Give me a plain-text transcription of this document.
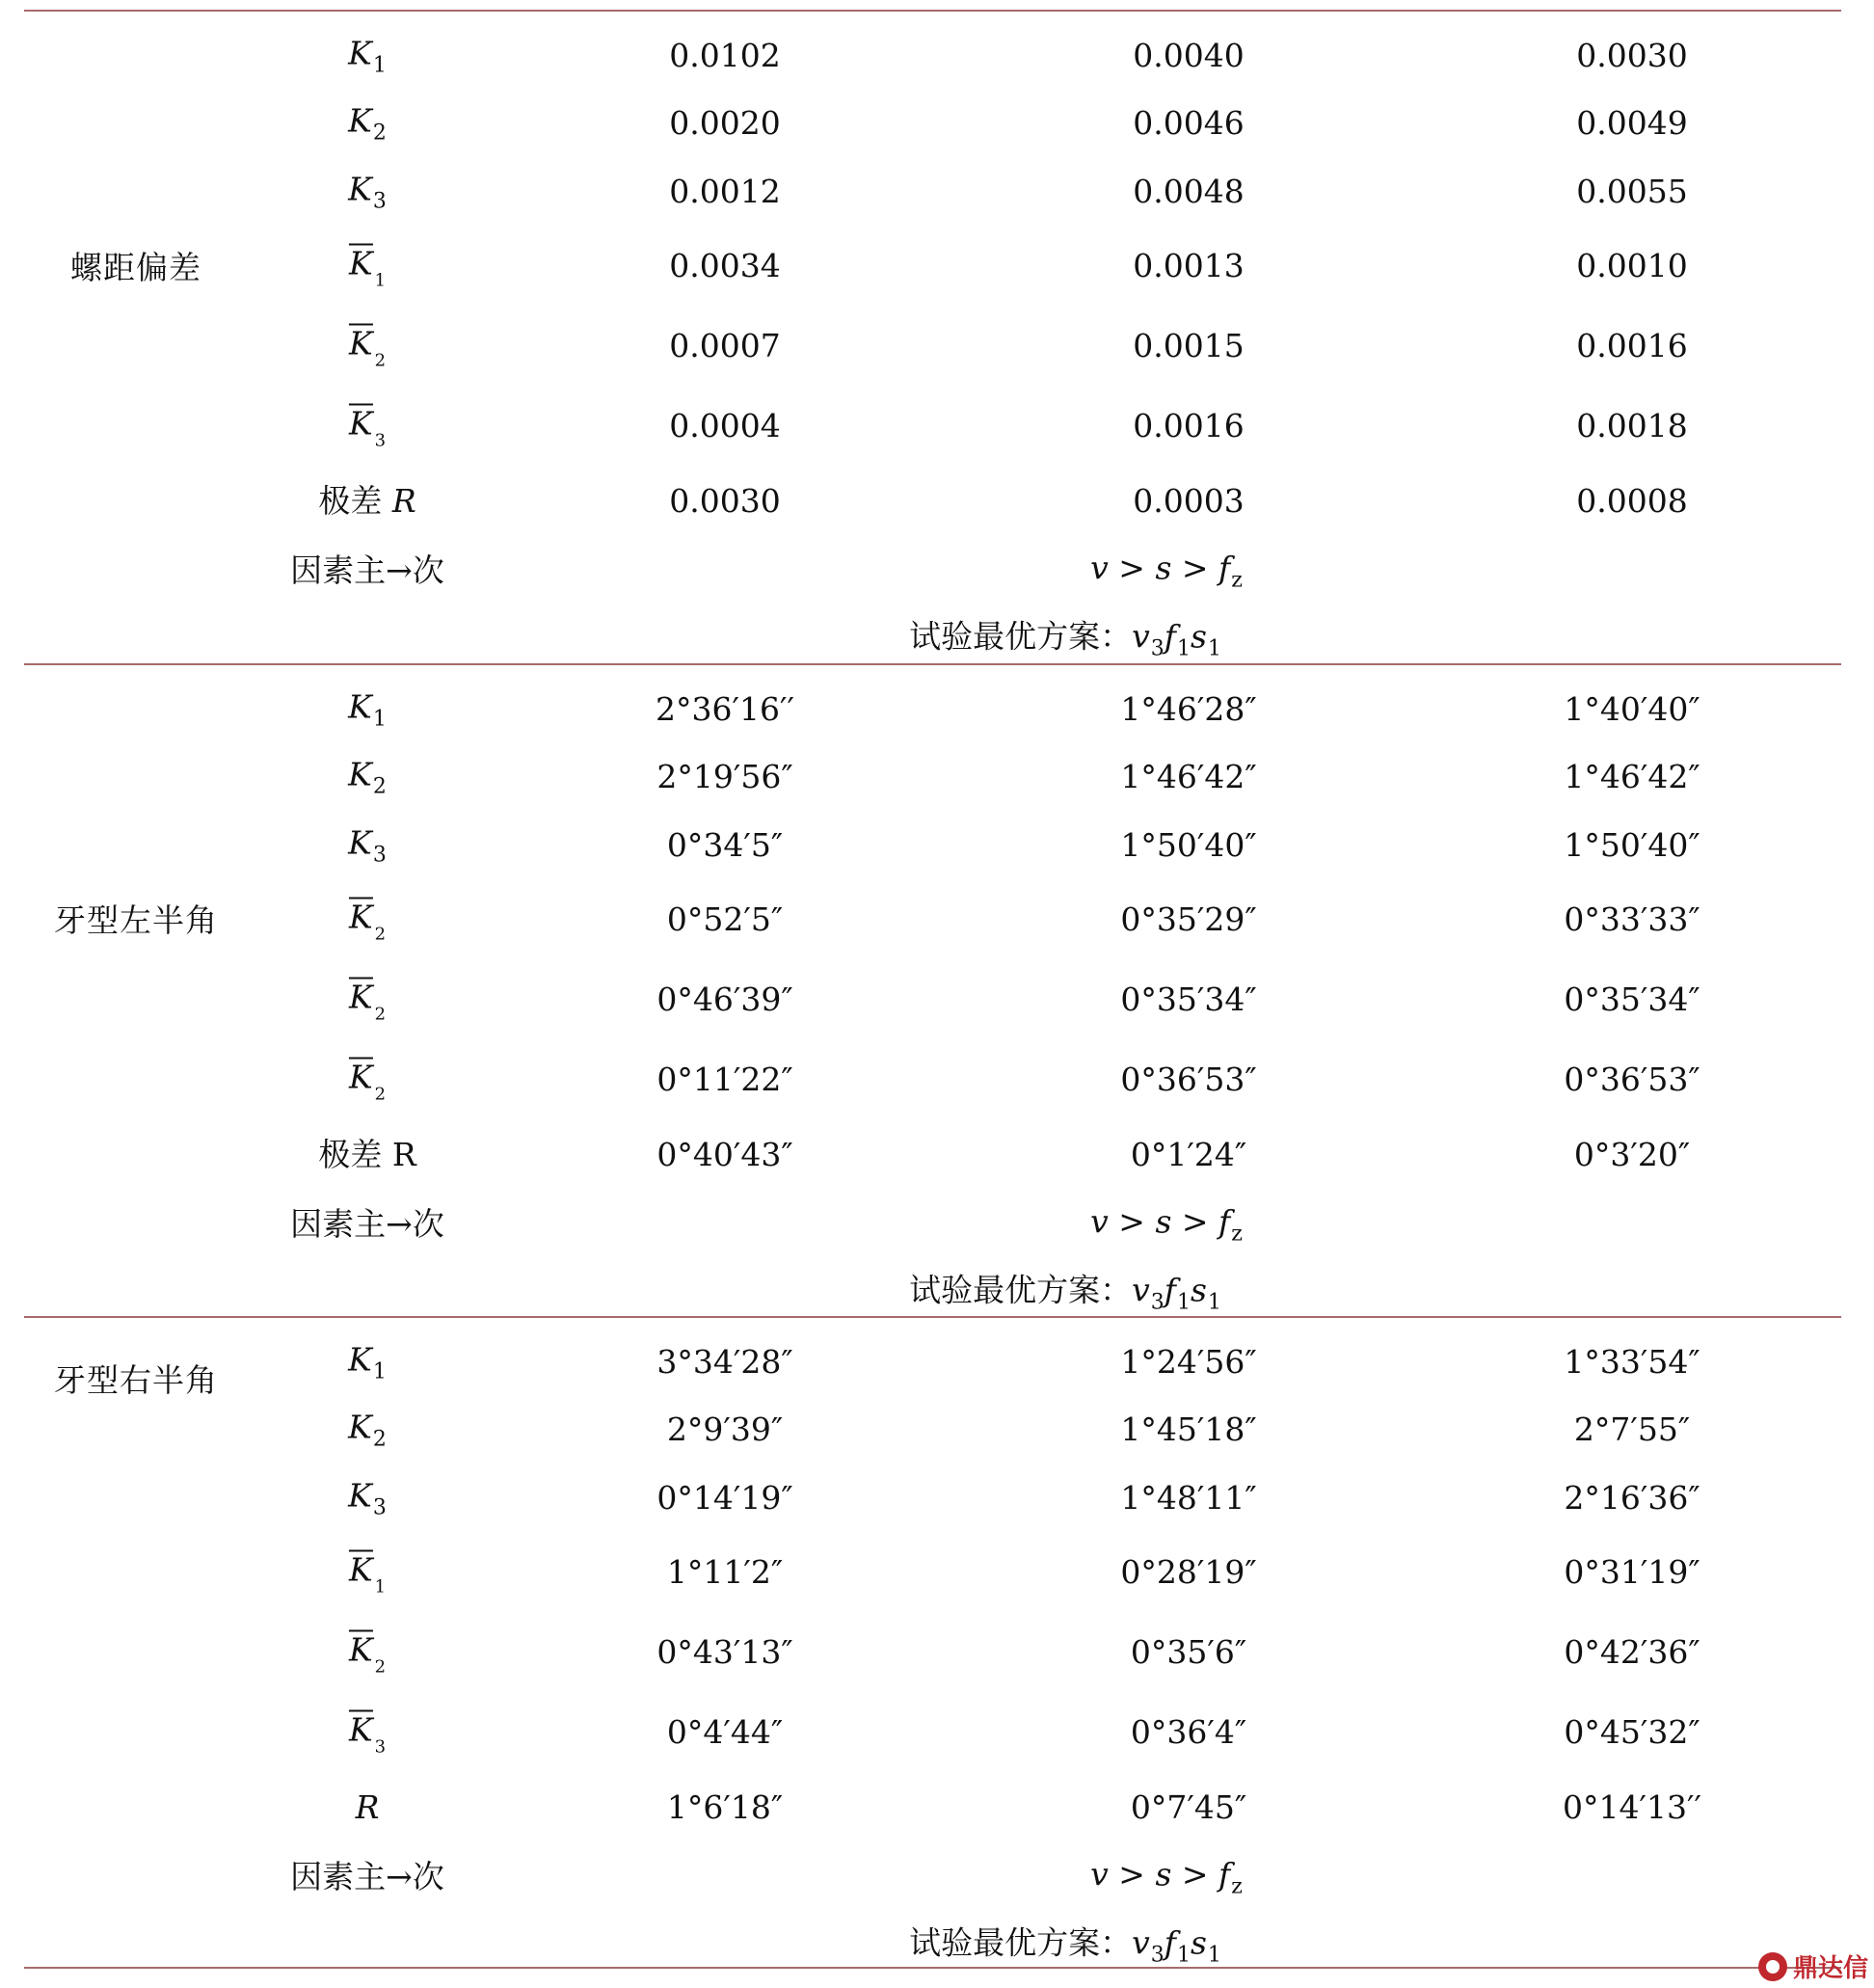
螺距偏差
$K_1$	0.0102	0.0040	0.0030
$K_2$	0.0020	0.0046	0.0049
$K_3$	0.0012	0.0048	0.0055
K $_1$	0.0034	0.0013	0.0010
K $_2$	0.0007	0.0015	0.0016
K $_3$	0.0004	0.0016	0.0018
极差 R	0.0030	0.0003	0.0008
因素主→次	$v > s > f_z$
试验最优方案：$v_3f_1s_1$
牙型左半角
$K_1$	2°36′16′′	1°46′28″	1°40′40″
$K_2$	2°19′56″	1°46′42″	1°46′42″
$K_3$	0°34′5″	1°50′40″	1°50′40″
K $_2$	0°52′5″	0°35′29″	0°33′33″
K $_2$	0°46′39″	0°35′34″	0°35′34″
K $_2$	0°11′22″	0°36′53″	0°36′53″
极差 R	0°40′43″	0°1′24″	0°3′20″
因素主→次	$v > s > f_z$
试验最优方案：$v_3f_1s_1$
牙型右半角
$K_1$	3°34′28″	1°24′56″	1°33′54″
$K_2$	2°9′39″	1°45′18″	2°7′55″
$K_3$	0°14′19″	1°48′11″	2°16′36″
K $_1$	1°11′2″	0°28′19″	0°31′19″
K $_2$	0°43′13″	0°35′6″	0°42′36″
K $_3$	0°4′44″	0°36′4″	0°45′32″
R	1°6′18″	0°7′45″	0°14′13′′
因素主→次	$v > s > f_z$
试验最优方案：$v_3f_1s_1$	鼎达信
